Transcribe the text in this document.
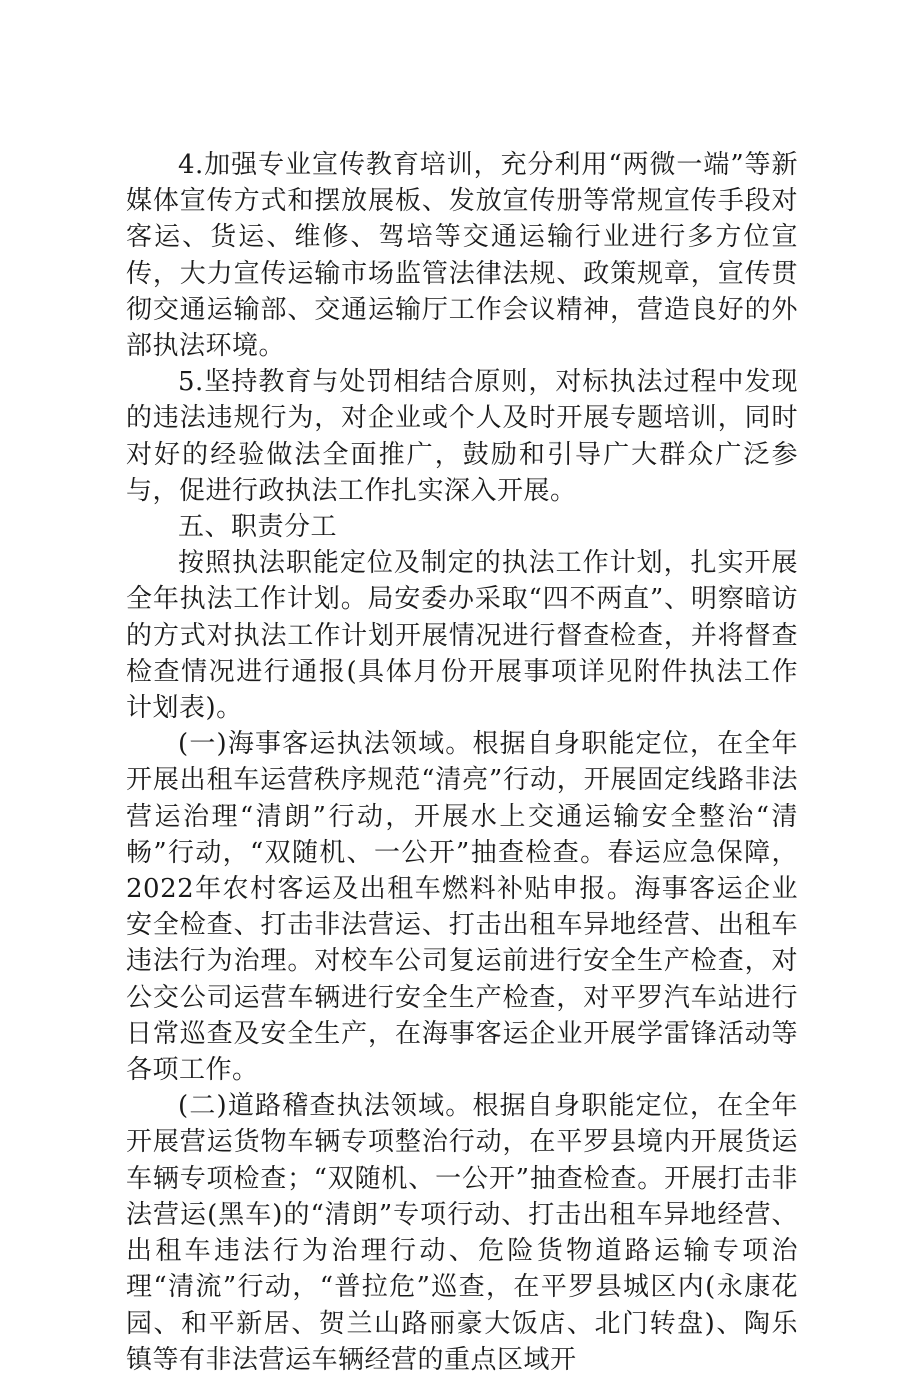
4.加强专业宣传教育培训，充分利用“两微一端”等新媒体宣传方式和摆放展板、发放宣传册等常规宣传手段对客运、货运、维修、驾培等交通运输行业进行多方位宣传，大力宣传运输市场监管法律法规、政策规章，宣传贯彻交通运输部、交通运输厅工作会议精神，营造良好的外部执法环境。

5.坚持教育与处罚相结合原则，对标执法过程中发现的违法违规行为，对企业或个人及时开展专题培训，同时对好的经验做法全面推广，鼓励和引导广大群众广泛参与，促进行政执法工作扎实深入开展。

五、职责分工

按照执法职能定位及制定的执法工作计划，扎实开展全年执法工作计划。局安委办采取“四不两直”、明察暗访的方式对执法工作计划开展情况进行督查检查，并将督查检查情况进行通报(具体月份开展事项详见附件执法工作计划表)。

(一)海事客运执法领域。根据自身职能定位，在全年开展出租车运营秩序规范“清亮”行动，开展固定线路非法营运治理“清朗”行动，开展水上交通运输安全整治“清畅”行动，“双随机、一公开”抽查检查。春运应急保障，2022年农村客运及出租车燃料补贴申报。海事客运企业安全检查、打击非法营运、打击出租车异地经营、出租车违法行为治理。对校车公司复运前进行安全生产检查，对公交公司运营车辆进行安全生产检查，对平罗汽车站进行日常巡查及安全生产，在海事客运企业开展学雷锋活动等各项工作。

(二)道路稽查执法领域。根据自身职能定位，在全年开展营运货物车辆专项整治行动，在平罗县境内开展货运车辆专项检查；“双随机、一公开”抽查检查。开展打击非法营运(黑车)的“清朗”专项行动、打击出租车异地经营、出租车违法行为治理行动、危险货物道路运输专项治理“清流”行动，“普拉危”巡查，在平罗县城区内(永康花园、和平新居、贺兰山路丽豪大饭店、北门转盘)、陶乐镇等有非法营运车辆经营的重点区域开
